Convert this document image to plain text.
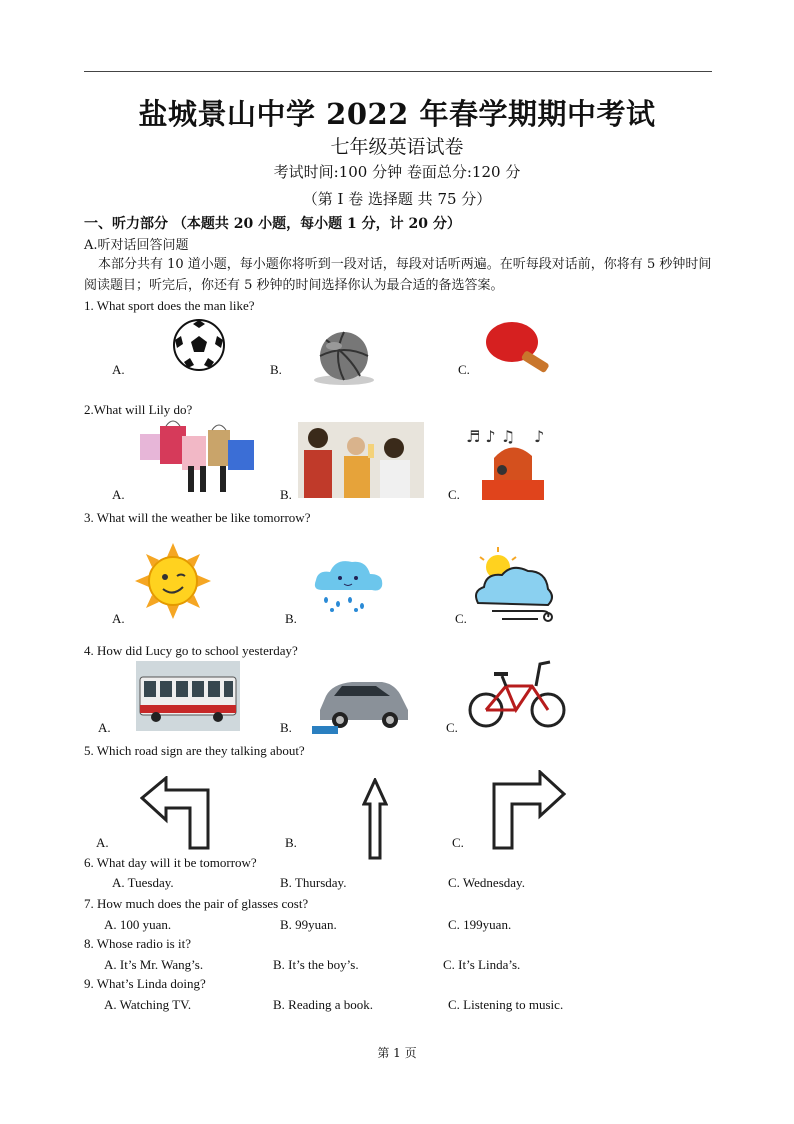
盐城景山中学 2022 年春学期期中考试
七年级英语试卷
考试时间:100 分钟 卷面总分:120 分
（第 I 卷 选择题 共 75 分）
一、听力部分 （本题共 20 小题，每小题 1 分，计 20 分）
A.听对话回答问题
本部分共有 10 道小题，每小题你将听到一段对话，每段对话听两遍。在听每段对话前，你将有 5 秒钟时间阅读题目；听完后，你还有 5 秒钟的时间选择你认为最合适的备选答案。
1. What sport does the man like?
A.	B.	C.
2.What will Lily do?
A.	B.	C.
♬ ♪ ♫ ♪
3. What will the weather be like tomorrow?
A.	B.	C.
4. How did Lucy go to school yesterday?
A.	B.	C.
5. Which road sign are they talking about?
A.	B.	C.
6. What day will it be tomorrow?
A. Tuesday.	B. Thursday.	C. Wednesday.
7. How much does the pair of glasses cost?
A. 100 yuan.	B. 99yuan.	C. 199yuan.
8. Whose radio is it?
A. It’s Mr. Wang’s.	B. It’s the boy’s.	C. It’s Linda’s.
9. What’s Linda doing?
A. Watching TV.	B. Reading a book.	C. Listening to music.
第 1 页
